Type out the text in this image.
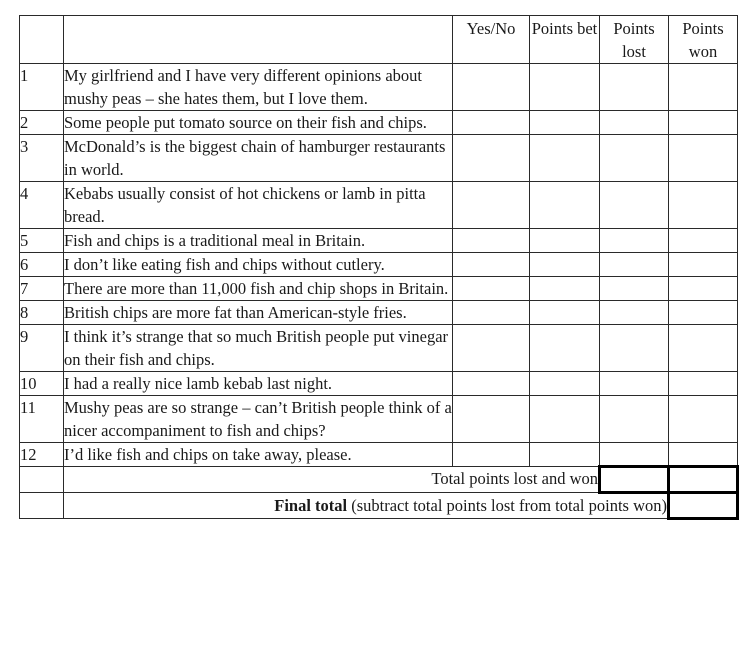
		Yes/No	Points bet	Points lost	Points won
1	My girlfriend and I have very different opinions about mushy peas – she hates them, but I love them.				
2	Some people put tomato source on their fish and chips.				
3	McDonald’s is the biggest chain of hamburger restaurants in world.				
4	Kebabs usually consist of hot chickens or lamb in pitta bread.				
5	Fish and chips is a traditional meal in Britain.				
6	I don’t like eating fish and chips without cutlery.				
7	There are more than 11,000 fish and chip shops in Britain.				
8	British chips are more fat than American-style fries.				
9	I think it’s strange that so much British people put vinegar on their fish and chips.				
10	I had a really nice lamb kebab last night.				
11	Mushy peas are so strange – can’t British people think of a nicer accompaniment to fish and chips?				
12	I’d like fish and chips on take away, please.				
	Total points lost and won				
	Final total (subtract total points lost from total points won)				
